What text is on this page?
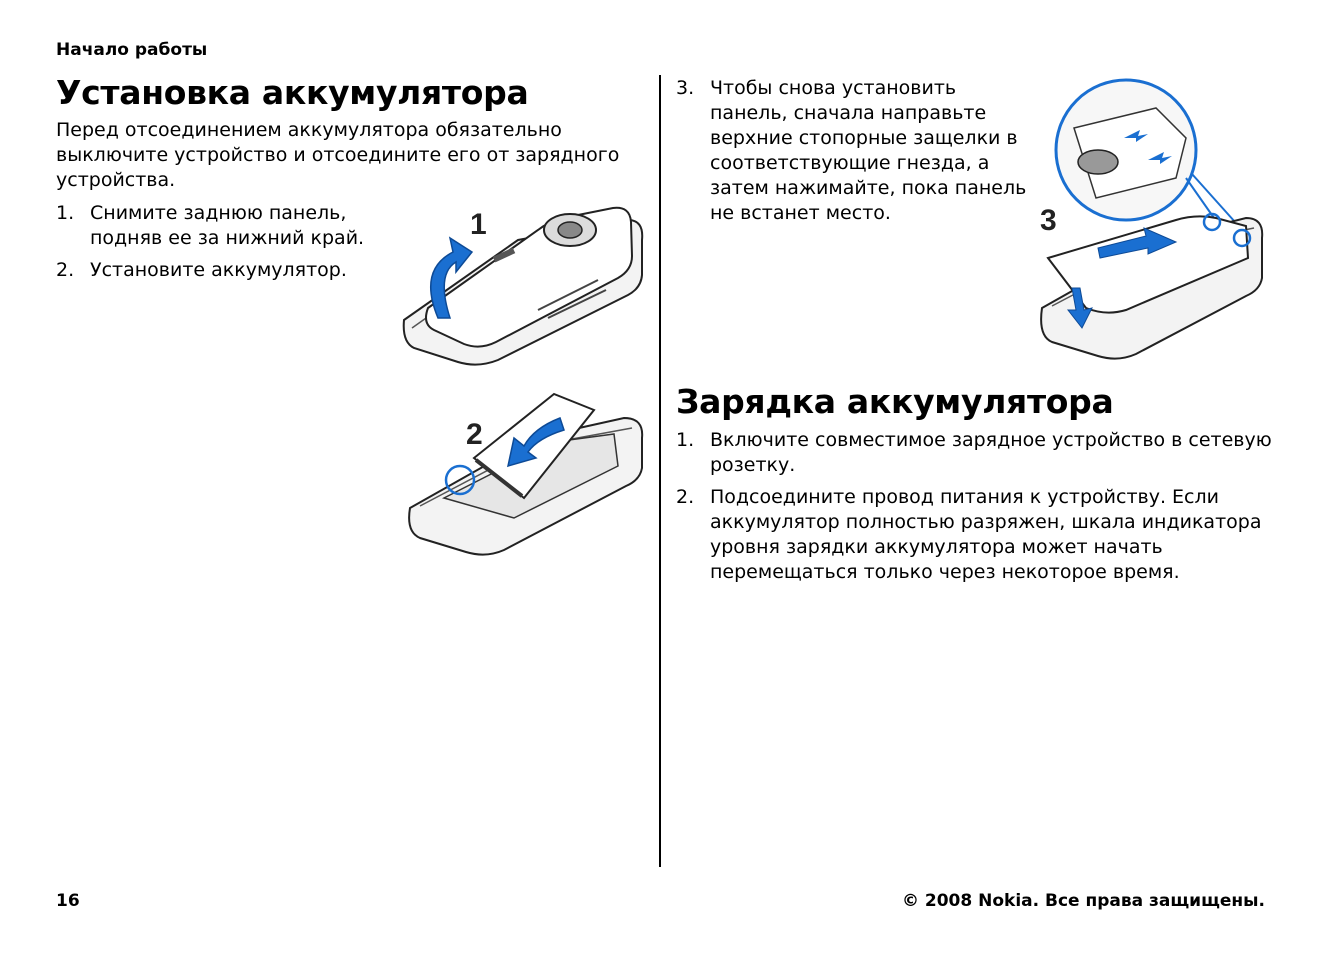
Начало работы
Установка аккумулятора
Перед отсоединением аккумулятора обязательно выключите устройство и отсоедините его от зарядного устройства.
1. Снимите заднюю панель, подняв ее за нижний край.
2. Установите аккумулятор.
1
2
3. Чтобы снова установить панель, сначала направьте верхние стопорные защелки в соответствующие гнезда, а затем нажимайте, пока панель не встанет место.	3
Зарядка аккумулятора
1. Включите совместимое зарядное устройство в сетевую розетку.
2. Подсоедините провод питания к устройству. Если аккумулятор полностью разряжен, шкала индикатора уровня зарядки аккумулятора может начать перемещаться только через некоторое время.
16	© 2008 Nokia. Все права защищены.
